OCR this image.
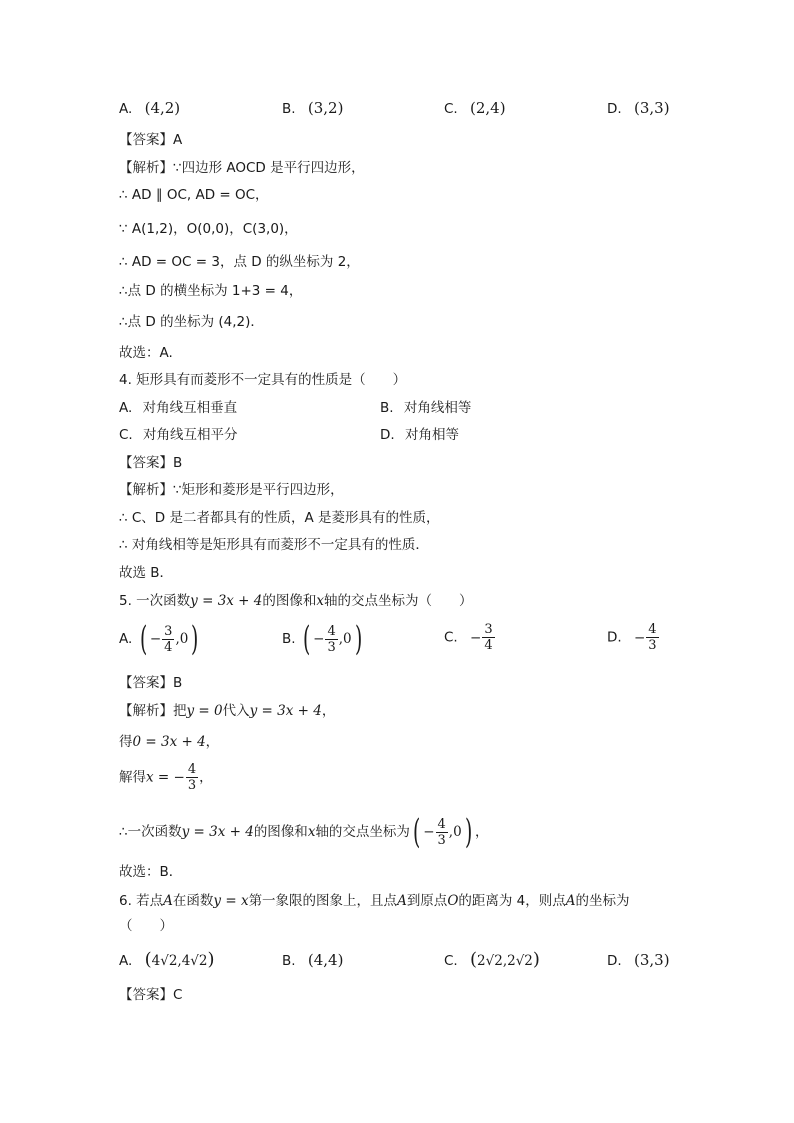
A. (4,2)	B. (3,2)	C. (2,4)	D. (3,3)
【答案】A
【解析】∵四边形 AOCD 是平行四边形，
∴ AD ∥ OC, AD = OC，
∵ A(1,2)，O(0,0)，C(3,0)，
∴ AD = OC = 3，点 D 的纵坐标为 2，
∴点 D 的横坐标为 1+3 = 4，
∴点 D 的坐标为 (4,2)．
故选：A.
4. 矩形具有而菱形不一定具有的性质是（　　）
A. 对角线互相垂直	B. 对角线相等
C. 对角线互相平分	D. 对角相等
【答案】B
【解析】∵矩形和菱形是平行四边形，
∴ C、D 是二者都具有的性质，A 是菱形具有的性质，
∴ 对角线相等是矩形具有而菱形不一定具有的性质．
故选 B．
5. 一次函数y = 3x + 4的图像和x轴的交点坐标为（　　）
A. ( − $\frac{3}{4} ,0$)	B. ( − $\frac{4}{3} ,0$)	C. − $\frac{3}{4}$	D. − $\frac{4}{3}$
【答案】B
【解析】把y = 0代入y = 3x + 4，
得0 = 3x + 4，
解得x = − $\frac{4}{3}$ ，
∴一次函数y = 3x + 4的图像和x轴的交点坐标为( − $\frac{4}{3} ,0$) ，
故选：B．
6. 若点A在函数y = x第一象限的图象上，且点A到原点O的距离为 4，则点A的坐标为
（　　）
A. (4√2,4√2)	B. (4,4)	C. (2√2,2√2)	D. (3,3)
【答案】C
